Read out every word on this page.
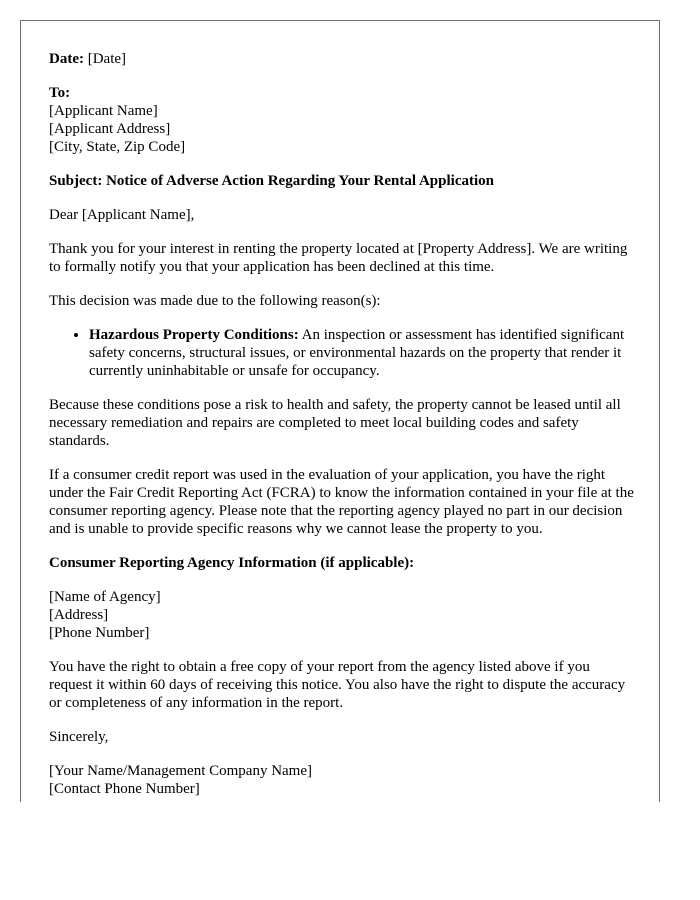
Date: [Date]

To:
[Applicant Name]
[Applicant Address]
[City, State, Zip Code]

Subject: Notice of Adverse Action Regarding Your Rental Application

Dear [Applicant Name],

Thank you for your interest in renting the property located at [Property Address]. We are writing to formally notify you that your application has been declined at this time.

This decision was made due to the following reason(s):

• Hazardous Property Conditions: An inspection or assessment has identified significant safety concerns, structural issues, or environmental hazards on the property that render it currently uninhabitable or unsafe for occupancy.

Because these conditions pose a risk to health and safety, the property cannot be leased until all necessary remediation and repairs are completed to meet local building codes and safety standards.

If a consumer credit report was used in the evaluation of your application, you have the right under the Fair Credit Reporting Act (FCRA) to know the information contained in your file at the consumer reporting agency. Please note that the reporting agency played no part in our decision and is unable to provide specific reasons why we cannot lease the property to you.

Consumer Reporting Agency Information (if applicable):

[Name of Agency]
[Address]
[Phone Number]

You have the right to obtain a free copy of your report from the agency listed above if you request it within 60 days of receiving this notice. You also have the right to dispute the accuracy or completeness of any information in the report.

Sincerely,

[Your Name/Management Company Name]
[Contact Phone Number]
